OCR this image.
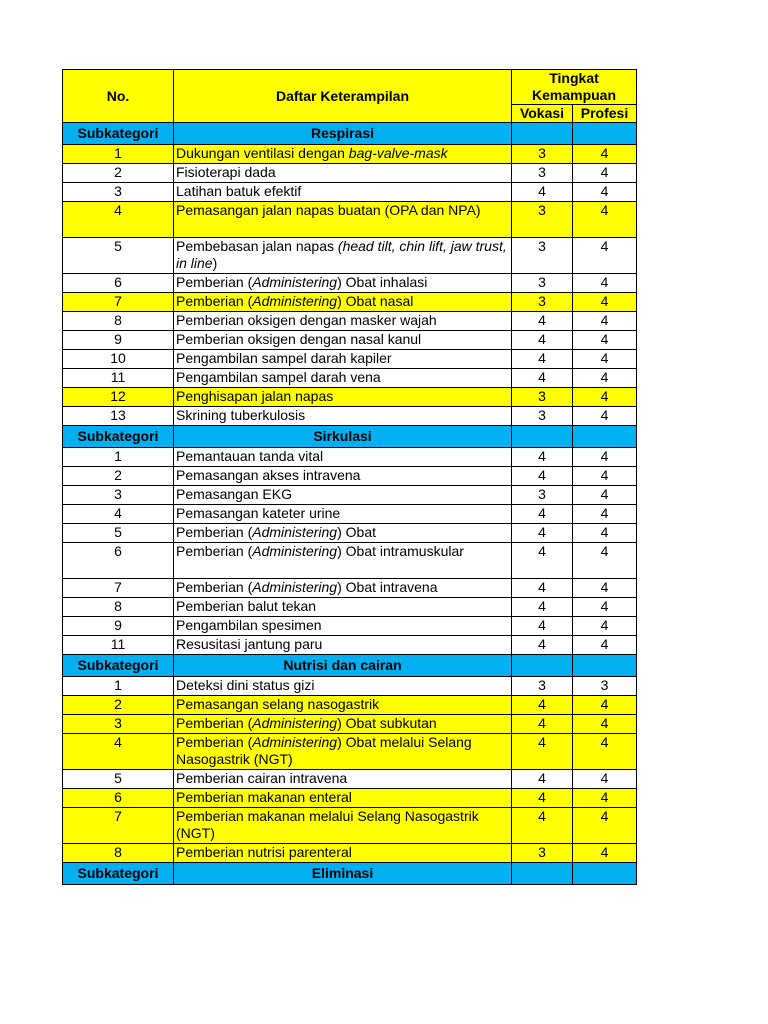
No.	Daftar Keterampilan	Tingkat Kemampuan	
		Vokasi	Profesi
Subkategori	Respirasi		
1	Dukungan ventilasi dengan bag-valve-mask	3	4
2	Fisioterapi dada	3	4
3	Latihan batuk efektif	4	4
4	Pemasangan jalan napas buatan (OPA dan NPA)	3	4
5	Pembebasan jalan napas (head tilt, chin lift, jaw trust, in line)	3	4
6	Pemberian (Administering) Obat inhalasi	3	4
7	Pemberian (Administering) Obat nasal	3	4
8	Pemberian oksigen dengan masker wajah	4	4
9	Pemberian oksigen dengan nasal kanul	4	4
10	Pengambilan sampel darah kapiler	4	4
11	Pengambilan sampel darah vena	4	4
12	Penghisapan jalan napas	3	4
13	Skrining tuberkulosis	3	4
Subkategori	Sirkulasi		
1	Pemantauan tanda vital	4	4
2	Pemasangan akses intravena	4	4
3	Pemasangan EKG	3	4
4	Pemasangan kateter urine	4	4
5	Pemberian (Administering) Obat	4	4
6	Pemberian (Administering) Obat intramuskular	4	4
7	Pemberian (Administering) Obat intravena	4	4
8	Pemberian balut tekan	4	4
9	Pengambilan spesimen	4	4
11	Resusitasi jantung paru	4	4
Subkategori	Nutrisi dan cairan		
1	Deteksi dini status gizi	3	3
2	Pemasangan selang nasogastrik	4	4
3	Pemberian (Administering) Obat subkutan	4	4
4	Pemberian (Administering) Obat melalui Selang Nasogastrik (NGT)	4	4
5	Pemberian cairan intravena	4	4
6	Pemberian makanan enteral	4	4
7	Pemberian makanan melalui Selang Nasogastrik (NGT)	4	4
8	Pemberian nutrisi parenteral	3	4
Subkategori	Eliminasi		
